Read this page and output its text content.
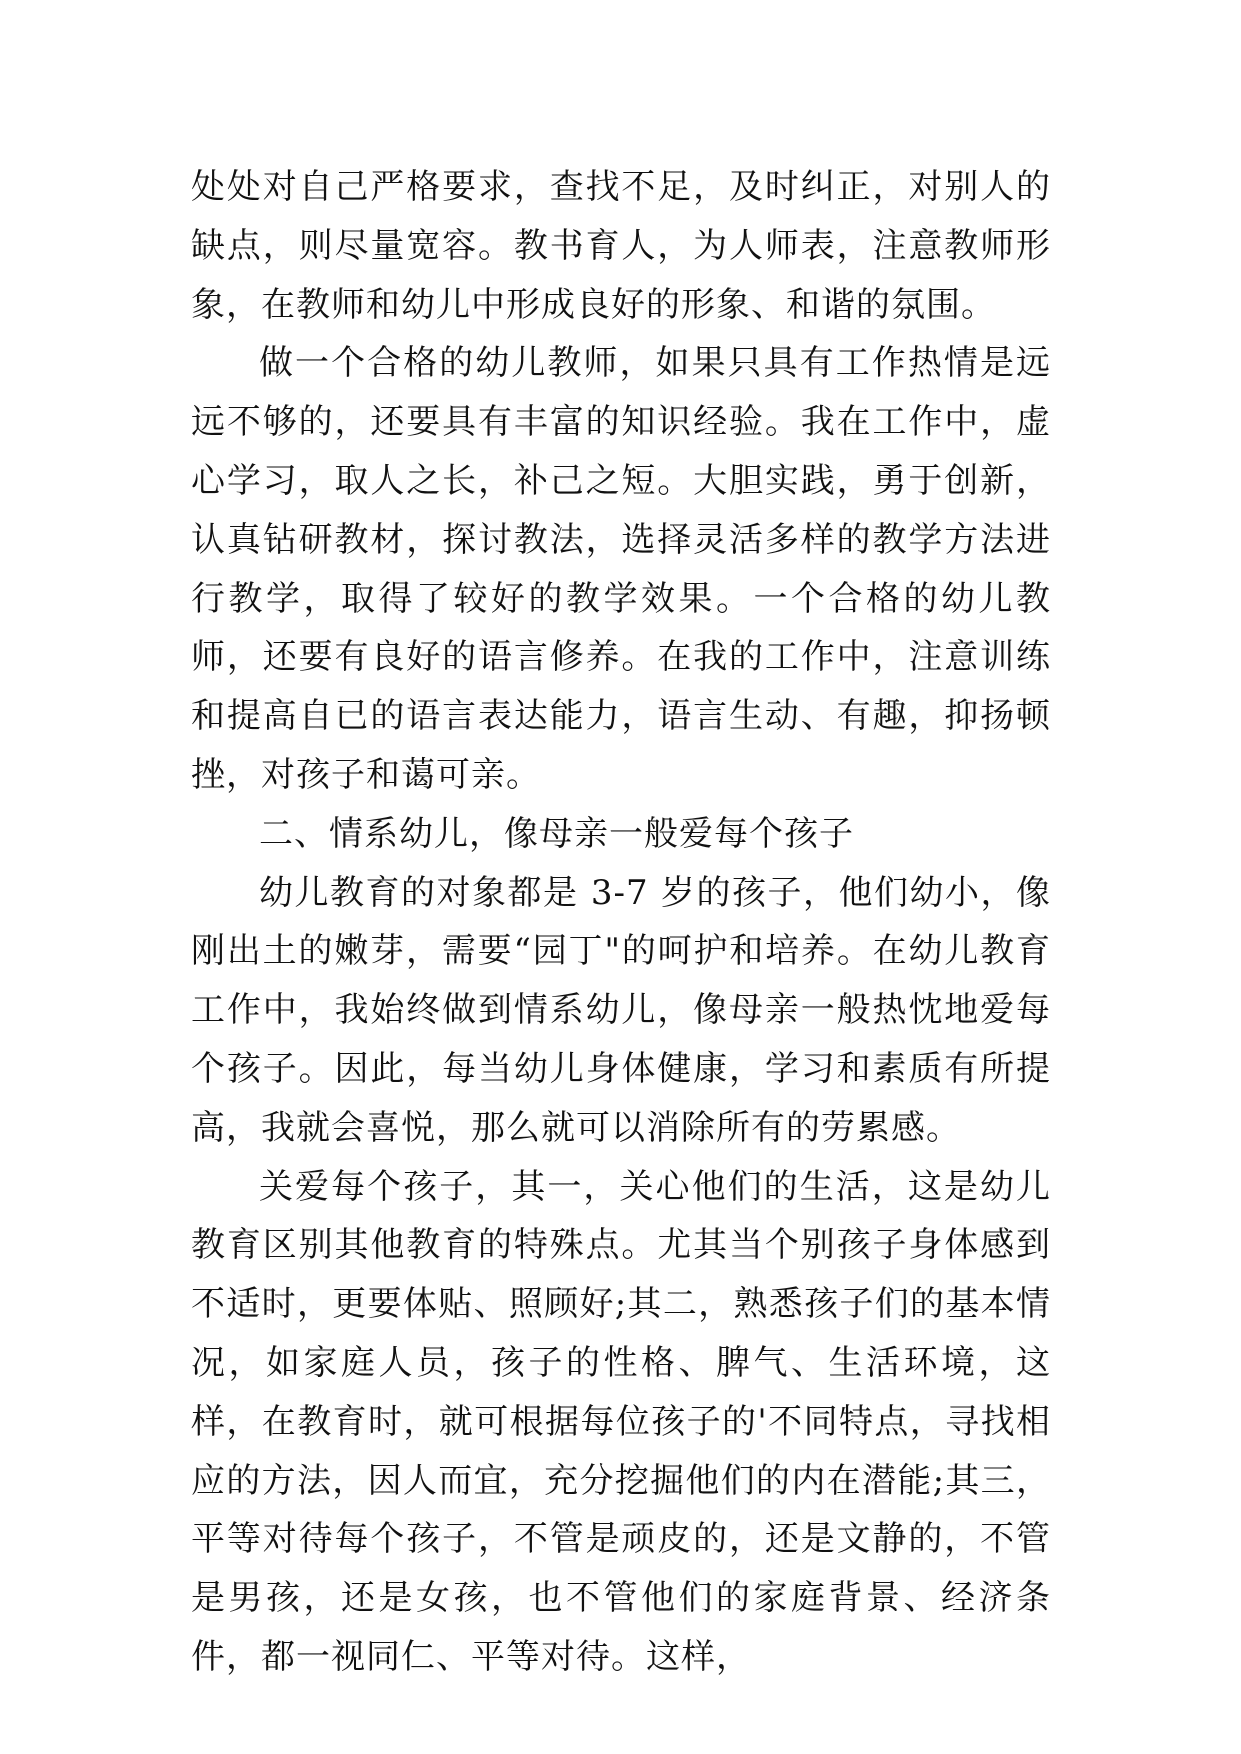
处处对自己严格要求，查找不足，及时纠正，对别人的缺点，则尽量宽容。教书育人，为人师表，注意教师形象，在教师和幼儿中形成良好的形象、和谐的氛围。

做一个合格的幼儿教师，如果只具有工作热情是远远不够的，还要具有丰富的知识经验。我在工作中，虚心学习，取人之长，补己之短。大胆实践，勇于创新，认真钻研教材，探讨教法，选择灵活多样的教学方法进行教学，取得了较好的教学效果。一个合格的幼儿教师，还要有良好的语言修养。在我的工作中，注意训练和提高自已的语言表达能力，语言生动、有趣，抑扬顿挫，对孩子和蔼可亲。

二、情系幼儿，像母亲一般爱每个孩子

幼儿教育的对象都是 3-7 岁的孩子，他们幼小，像刚出土的嫩芽，需要“园丁"的呵护和培养。在幼儿教育工作中，我始终做到情系幼儿，像母亲一般热忱地爱每个孩子。因此，每当幼儿身体健康，学习和素质有所提高，我就会喜悦，那么就可以消除所有的劳累感。

关爱每个孩子，其一，关心他们的生活，这是幼儿教育区别其他教育的特殊点。尤其当个别孩子身体感到不适时，更要体贴、照顾好;其二，熟悉孩子们的基本情况，如家庭人员，孩子的性格、脾气、生活环境，这样，在教育时，就可根据每位孩子的'不同特点，寻找相应的方法，因人而宜，充分挖掘他们的内在潜能;其三，平等对待每个孩子，不管是顽皮的，还是文静的，不管是男孩，还是女孩，也不管他们的家庭背景、经济条件，都一视同仁、平等对待。这样，
